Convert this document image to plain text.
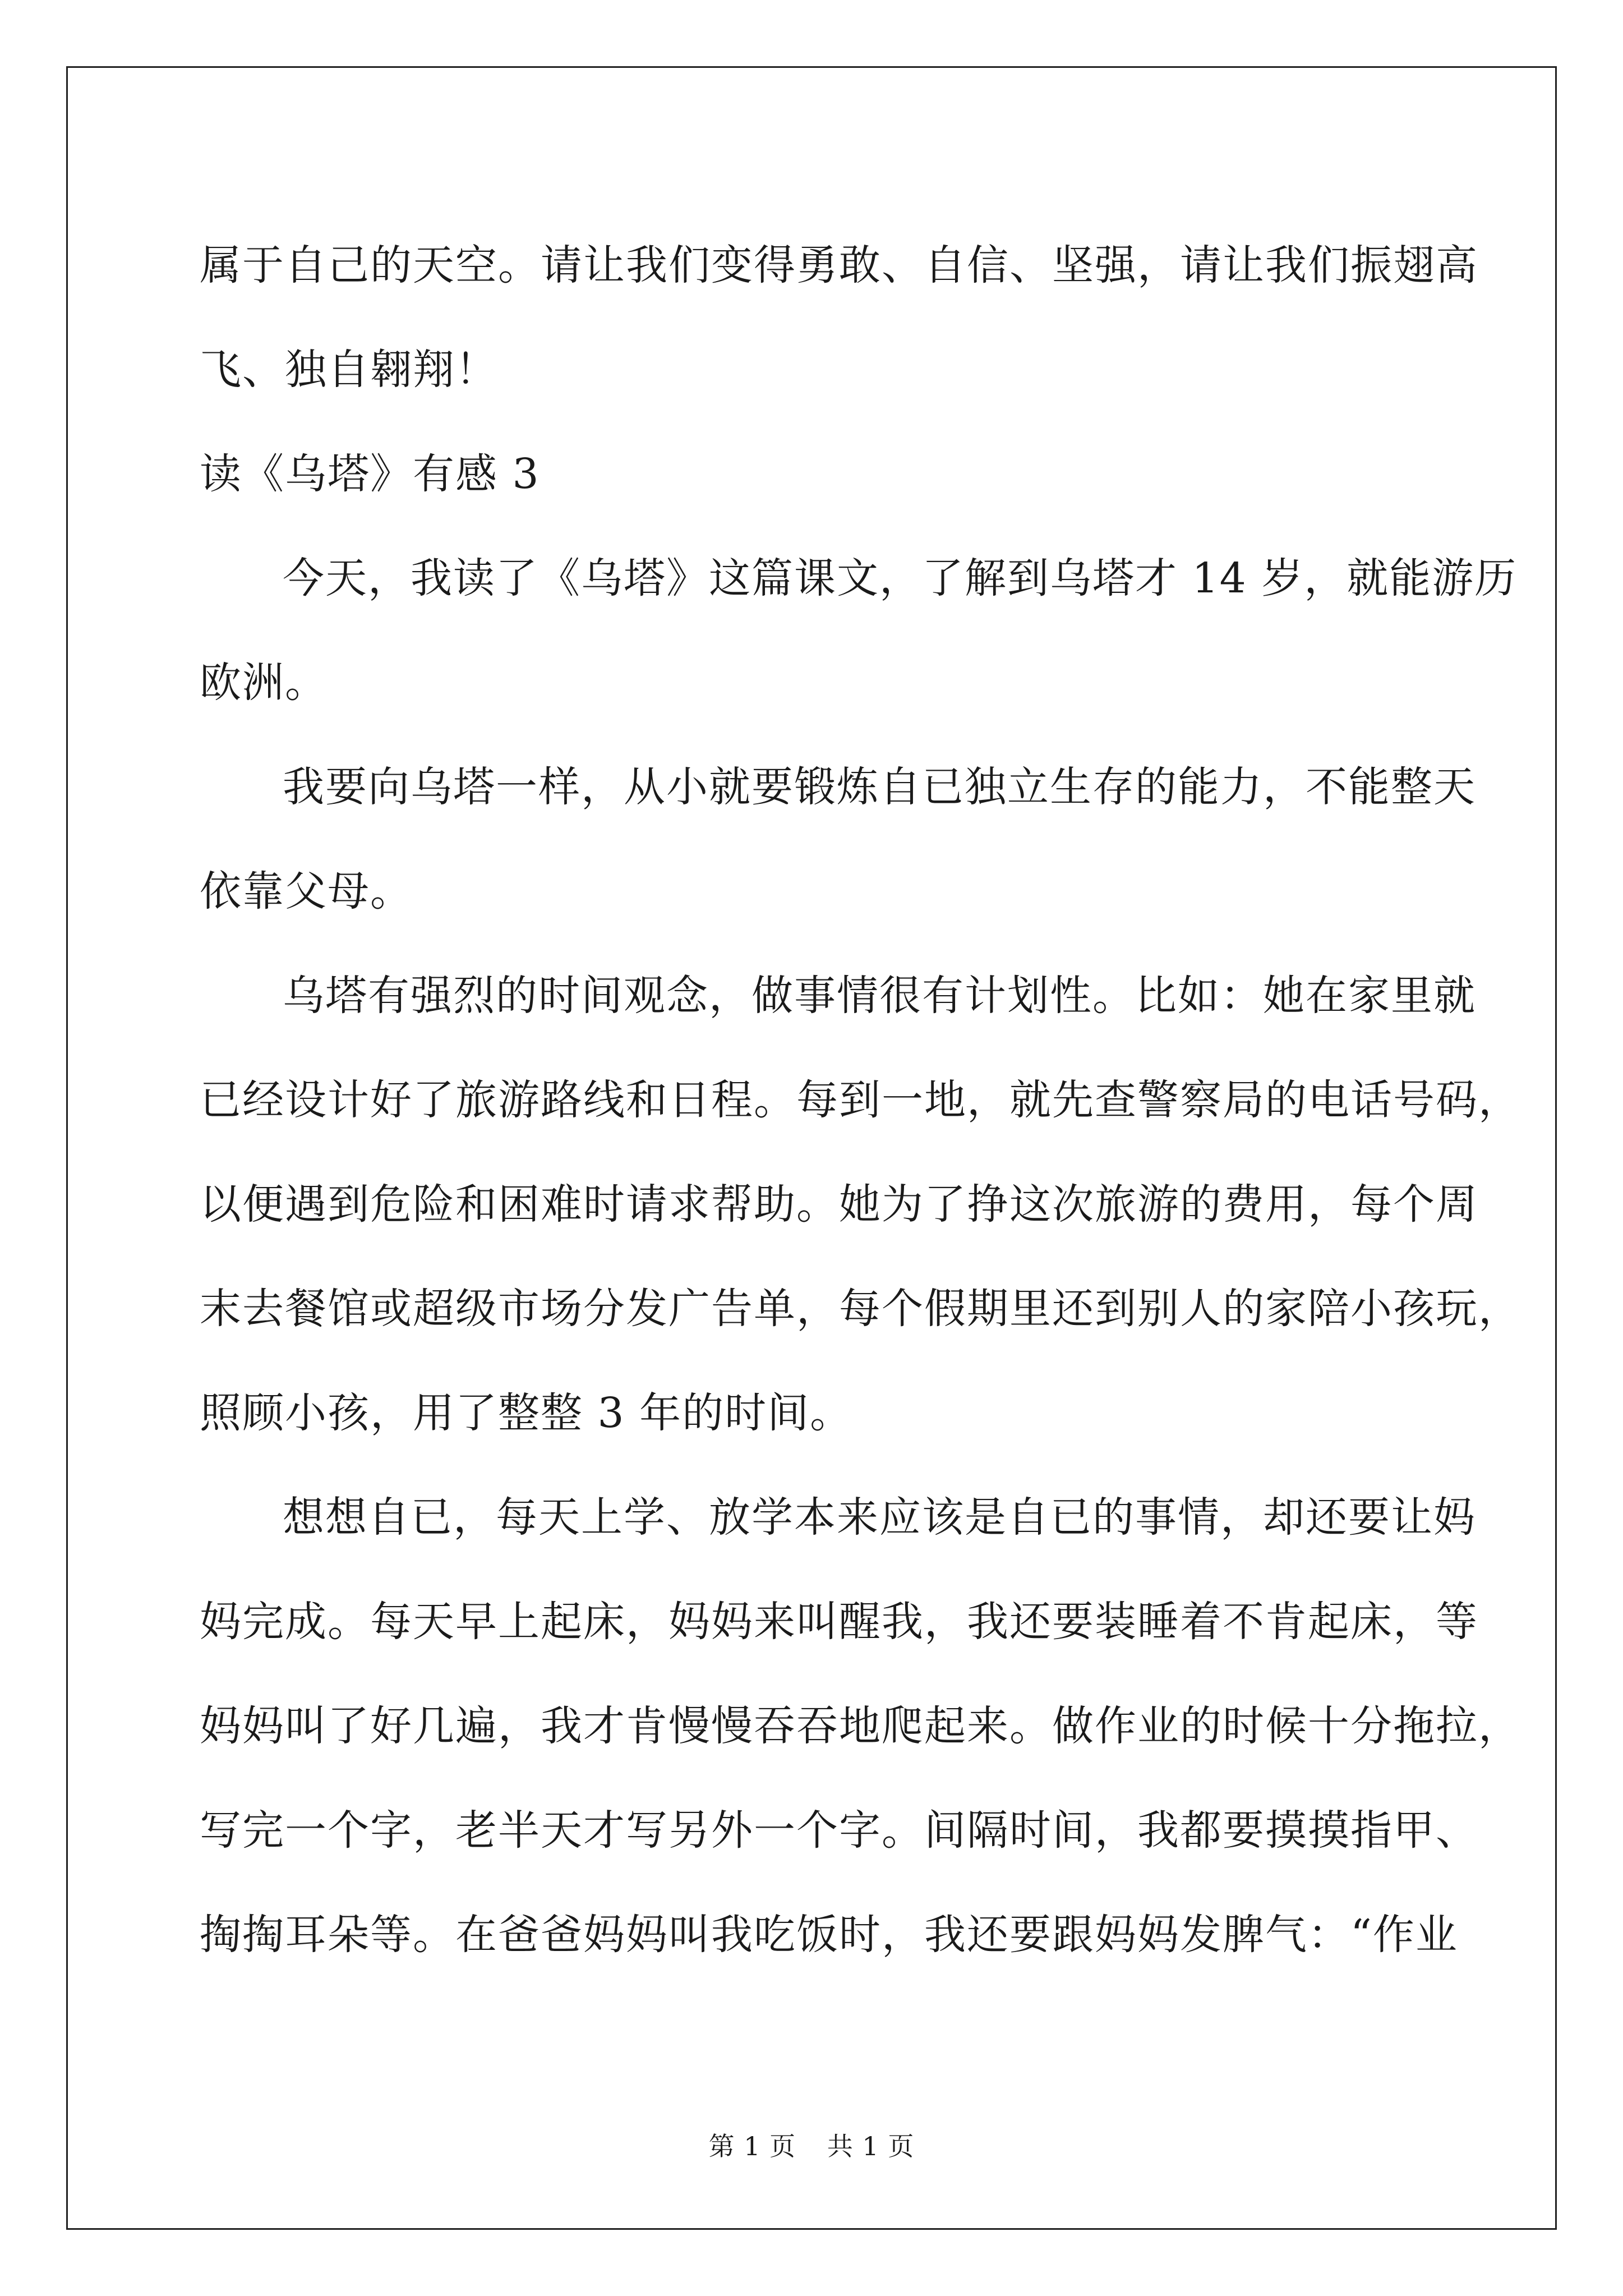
属于自己的天空。请让我们变得勇敢、自信、坚强，请让我们振翅高
飞、独自翱翔！
读《乌塔》有感 3
今天，我读了《乌塔》这篇课文，了解到乌塔才 14 岁，就能游历
欧洲。
我要向乌塔一样，从小就要锻炼自已独立生存的能力，不能整天
依靠父母。
乌塔有强烈的时间观念，做事情很有计划性。比如：她在家里就
已经设计好了旅游路线和日程。每到一地，就先查警察局的电话号码，
以便遇到危险和困难时请求帮助。她为了挣这次旅游的费用，每个周
末去餐馆或超级市场分发广告单，每个假期里还到别人的家陪小孩玩，
照顾小孩，用了整整 3 年的时间。
想想自已，每天上学、放学本来应该是自已的事情，却还要让妈
妈完成。每天早上起床，妈妈来叫醒我，我还要装睡着不肯起床，等
妈妈叫了好几遍，我才肯慢慢吞吞地爬起来。做作业的时候十分拖拉，
写完一个字，老半天才写另外一个字。间隔时间，我都要摸摸指甲、
掏掏耳朵等。在爸爸妈妈叫我吃饭时，我还要跟妈妈发脾气：“作业
第 1 页 共 1 页
